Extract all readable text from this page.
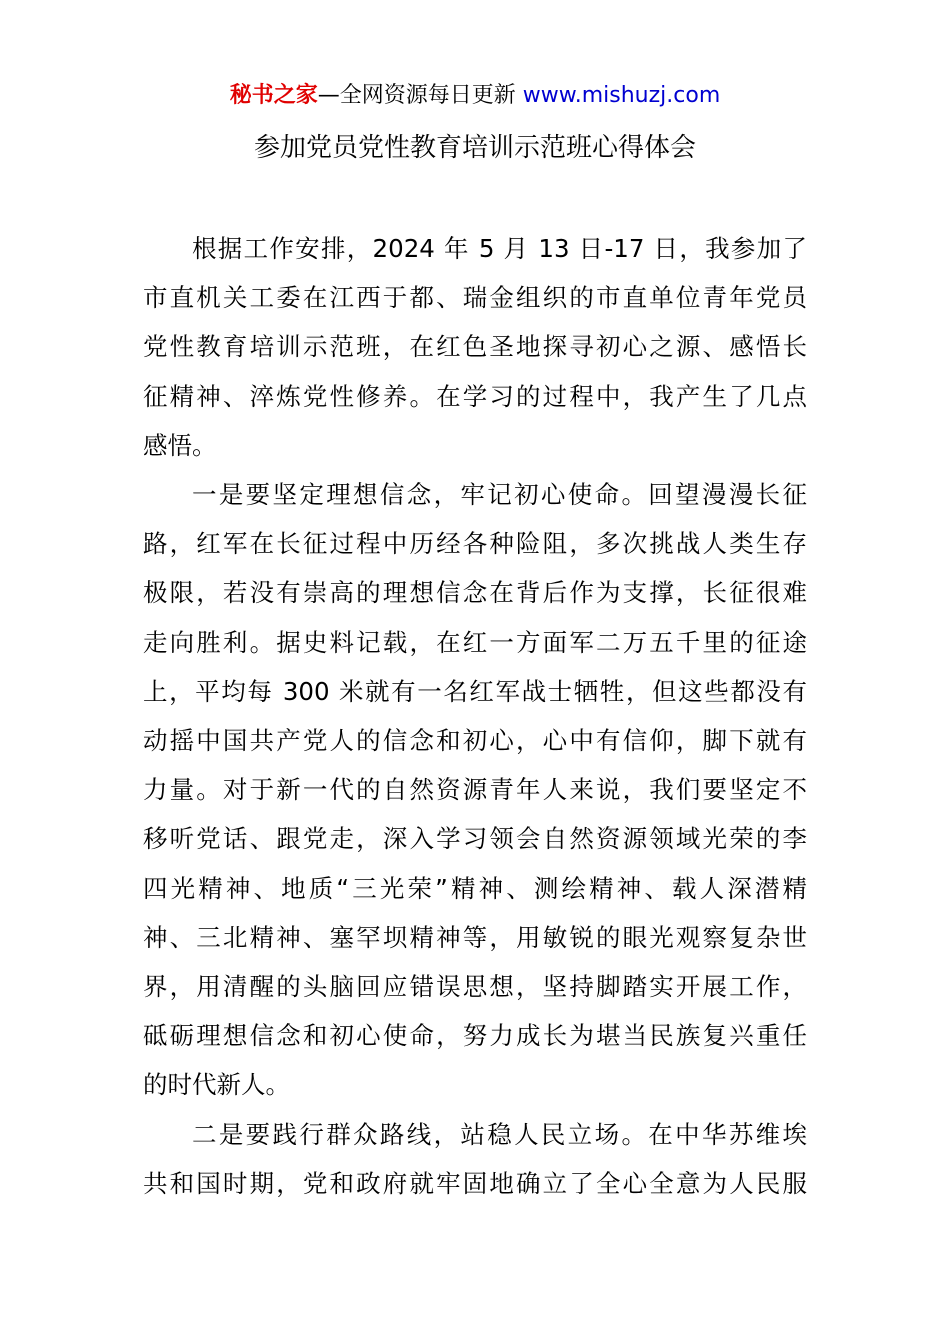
秘书之家—全网资源每日更新 www.mishuzj.com
参加党员党性教育培训示范班心得体会

根据工作安排，2024 年 5 月 13 日-17 日，我参加了
市直机关工委在江西于都、瑞金组织的市直单位青年党员
党性教育培训示范班，在红色圣地探寻初心之源、感悟长
征精神、淬炼党性修养。在学习的过程中，我产生了几点
感悟。

一是要坚定理想信念，牢记初心使命。回望漫漫长征
路，红军在长征过程中历经各种险阻，多次挑战人类生存
极限，若没有崇高的理想信念在背后作为支撑，长征很难
走向胜利。据史料记载，在红一方面军二万五千里的征途
上，平均每 300 米就有一名红军战士牺牲，但这些都没有
动摇中国共产党人的信念和初心，心中有信仰，脚下就有
力量。对于新一代的自然资源青年人来说，我们要坚定不
移听党话、跟党走，深入学习领会自然资源领域光荣的李
四光精神、地质“三光荣”精神、测绘精神、载人深潜精
神、三北精神、塞罕坝精神等，用敏锐的眼光观察复杂世
界，用清醒的头脑回应错误思想，坚持脚踏实开展工作，
砥砺理想信念和初心使命，努力成长为堪当民族复兴重任
的时代新人。

二是要践行群众路线，站稳人民立场。在中华苏维埃
共和国时期，党和政府就牢固地确立了全心全意为人民服
